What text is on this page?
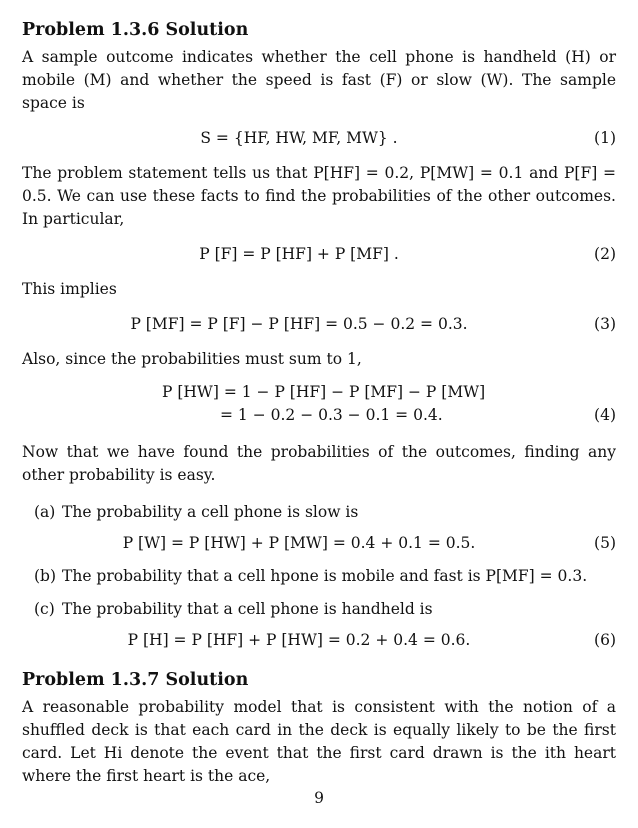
Problem 1.3.6 Solution

A sample outcome indicates whether the cell phone is handheld (H) or mobile (M) and whether the speed is fast (F) or slow (W). The sample space is

S = {HF, HW, MF, MW} .	(1)

The problem statement tells us that P[HF] = 0.2, P[MW] = 0.1 and P[F] = 0.5. We can use these facts to find the probabilities of the other outcomes. In particular,

P [F] = P [HF] + P [MF] .	(2)

This implies

P [MF] = P [F] − P [HF] = 0.5 − 0.2 = 0.3.	(3)

Also, since the probabilities must sum to 1,

P [HW] = 1 − P [HF] − P [MF] − P [MW]
= 1 − 0.2 − 0.3 − 0.1 = 0.4.	(4)

Now that we have found the probabilities of the outcomes, finding any other probability is easy.

(a) The probability a cell phone is slow is
P [W] = P [HW] + P [MW] = 0.4 + 0.1 = 0.5.	(5)
(b) The probability that a cell hpone is mobile and fast is P[MF] = 0.3.
(c) The probability that a cell phone is handheld is
P [H] = P [HF] + P [HW] = 0.2 + 0.4 = 0.6.	(6)
Problem 1.3.7 Solution

A reasonable probability model that is consistent with the notion of a shuffled deck is that each card in the deck is equally likely to be the first card. Let Hi denote the event that the first card drawn is the ith heart where the first heart is the ace,

9
